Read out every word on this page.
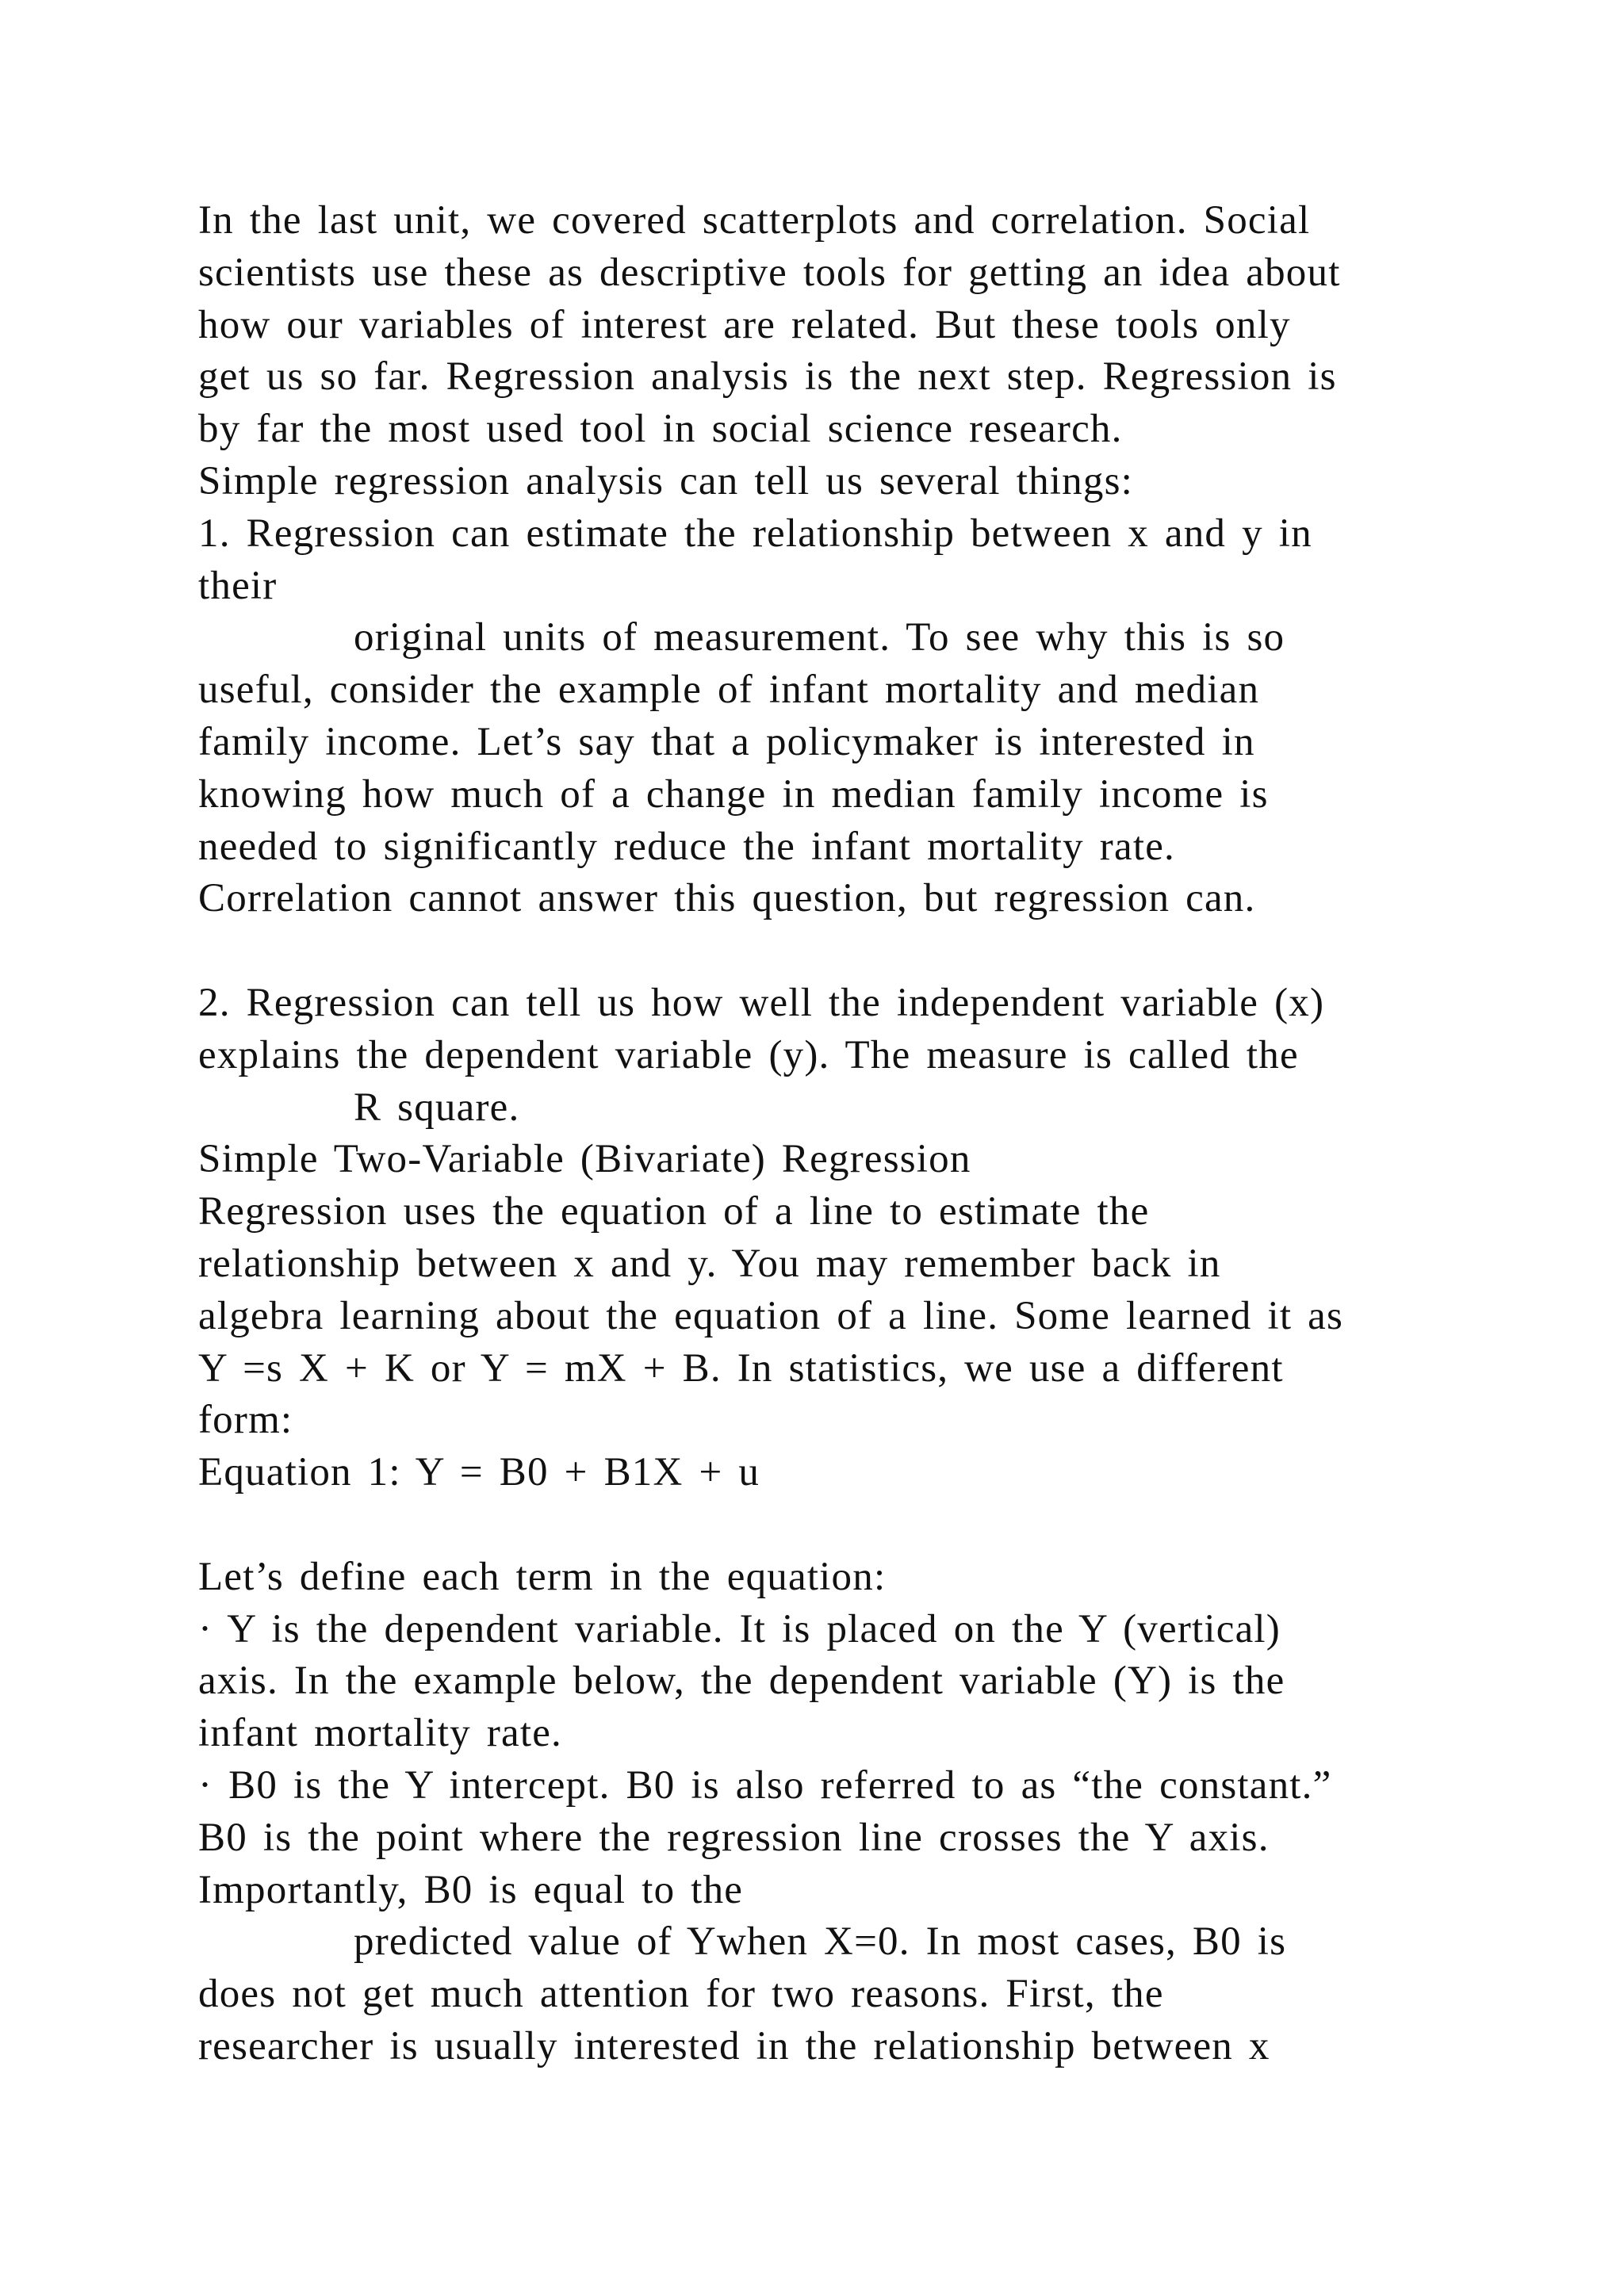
In the last unit, we covered scatterplots and correlation. Social
scientists use these as descriptive tools for getting an idea about
how our variables of interest are related. But these tools only
get us so far. Regression analysis is the next step. Regression is
by far the most used tool in social science research.
Simple regression analysis can tell us several things:
1. Regression can estimate the relationship between x and y in
their
original units of measurement. To see why this is so
useful, consider the example of infant mortality and median
family income. Let’s say that a policymaker is interested in
knowing how much of a change in median family income is
needed to significantly reduce the infant mortality rate.
Correlation cannot answer this question, but regression can.
2. Regression can tell us how well the independent variable (x)
explains the dependent variable (y). The measure is called the
R square.
Simple Two-Variable (Bivariate) Regression
Regression uses the equation of a line to estimate the
relationship between x and y. You may remember back in
algebra learning about the equation of a line. Some learned it as
Y =s X + K or Y = mX + B. In statistics, we use a different
form:
Equation 1: Y = B0 + B1X + u
Let’s define each term in the equation:
· Y is the dependent variable. It is placed on the Y (vertical)
axis. In the example below, the dependent variable (Y) is the
infant mortality rate.
· B0 is the Y intercept. B0 is also referred to as “the constant.”
B0 is the point where the regression line crosses the Y axis.
Importantly, B0 is equal to the
predicted value of Ywhen X=0. In most cases, B0 is
does not get much attention for two reasons. First, the
researcher is usually interested in the relationship between x
